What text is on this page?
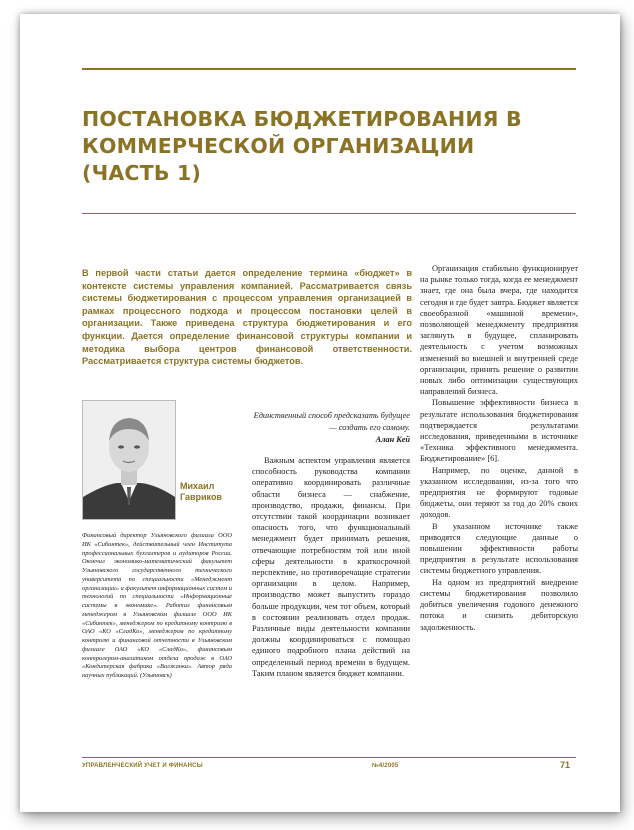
ПОСТАНОВКА БЮДЖЕТИРОВАНИЯ В КОММЕРЧЕСКОЙ ОРГАНИЗАЦИИ (ЧАСТЬ 1)

В первой части статьи дается определение термина «бюджет» в контексте системы управления компанией. Рассматривается связь системы бюджетирования с процессом управления организацией в рамках процессного подхода и процессом постановки целей в организации. Также приведена структура бюджетирования и его функции. Дается определение финансовой структуры компании и методика выбора центров финансовой ответственности. Рассматривается структура системы бюджетов.

Михаил
Гавриков

Финансовый директор Ульяновского филиала ООО ИК «Сибинтек», действительный член Института профессиональных бухгалтеров и аудиторов России. Окончил экономико-математический факультет Ульяновского государственного технического университета по специальности «Менеджмент организации» и факультет информационных систем и технологий по специальности «Информационные системы в экономике». Работал финансовым менеджером в Ульяновском филиале ООО ИК «Сибинтек», менеджером по кредитному контролю в ОАО «КО «СладКо», менеджером по кредитному контролю и финансовой отчетности в Ульяновском филиале ОАО «КО «СладКо», финансовым контролером-аналитиком отдела продаж в ОАО «Кондитерская фабрика «Волжанка». Автор ряда научных публикаций. (Ульяновск)

Единственный способ предсказать будущее — создать его самому.

Алан Кей

Важным аспектом управления является способность руководства компании оперативно координировать различные области бизнеса — снабжение, производство, продажи, финансы. При отсутствии такой координации возникает опасность того, что функциональный менеджмент будет принимать решения, отвечающие потребностям той или иной сферы деятельности в краткосрочной перспективе, но противоречащие стратегии организации в целом. Например, производство может выпустить гораздо больше продукции, чем тот объем, который в состоянии реализовать отдел продаж. Различные виды деятельности компании должны координироваться с помощью единого подробного плана действий на определенный период времени в будущем. Таким планом является бюджет компании.

Организация стабильно функционирует на рынке только тогда, когда ее менеджмент знает, где она была вчера, где находится сегодня и где будет завтра. Бюджет является своеобразной «машиной времени», позволяющей менеджменту предприятия заглянуть в будущее, спланировать деятельность с учетом возможных изменений во внешней и внутренней среде организации, принять решение о развитии новых либо оптимизации существующих направлений бизнеса.

Повышение эффективности бизнеса в результате использования бюджетирования подтверждается результатами исследования, приведенными в источнике «Техника эффективного менеджмента. Бюджетирование» [6].

Например, по оценке, данной в указанном исследовании, из-за того что предприятия не формируют годовые бюджеты, они теряют за год до 20% своих доходов.

В указанном источнике также приводятся следующие данные о повышении эффективности работы предприятия в результате использования системы бюджетного управления.

На одном из предприятий внедрение системы бюджетирования позволило добиться увеличения годового денежного потока и снизить дебиторскую задолженность.

УПРАВЛЕНЧЕСКИЙ УЧЕТ И ФИНАНСЫ	№4/2005	71
